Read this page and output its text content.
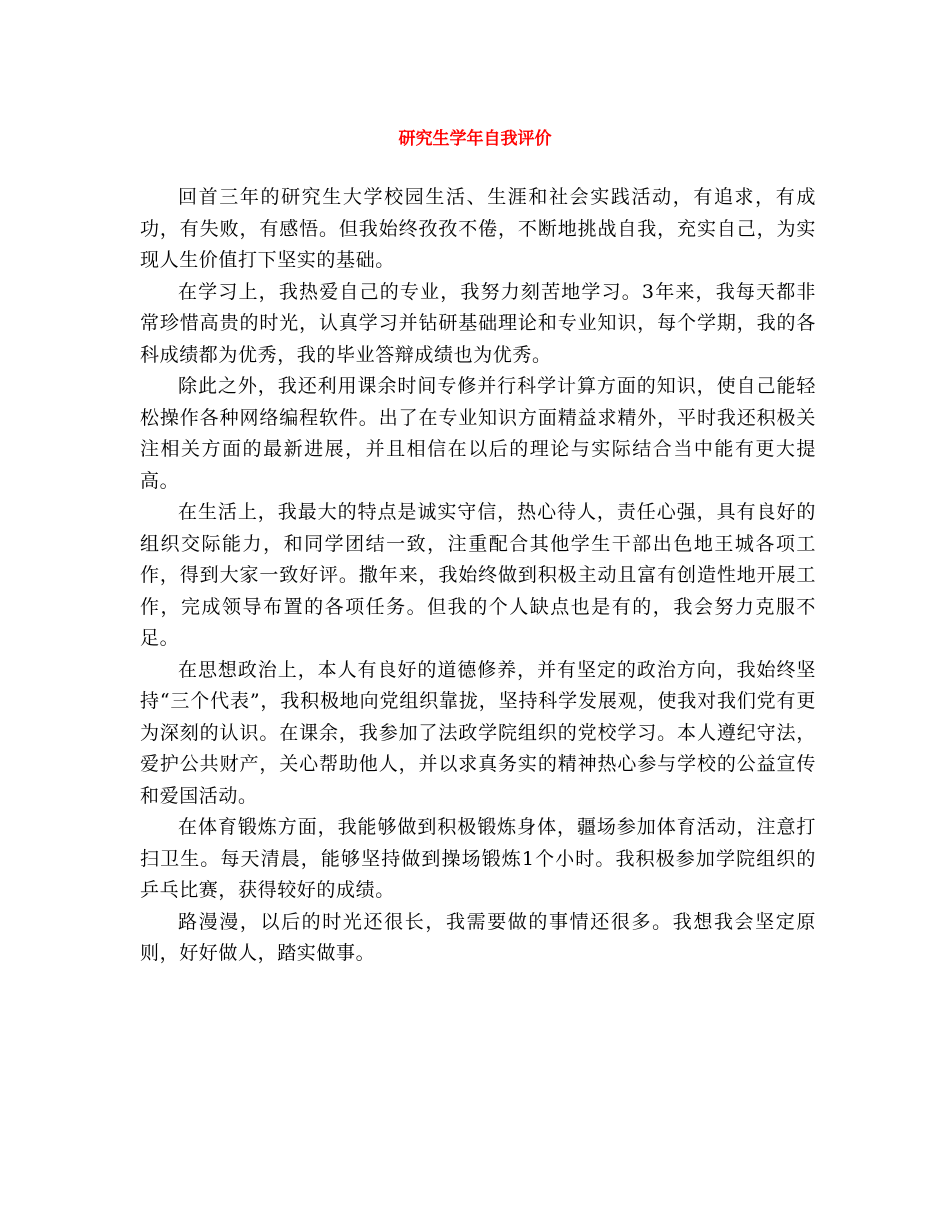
研究生学年自我评价

回首三年的研究生大学校园生活、生涯和社会实践活动，有追求，有成功，有失败，有感悟。但我始终孜孜不倦，不断地挑战自我，充实自己，为实现人生价值打下坚实的基础。

在学习上，我热爱自己的专业，我努力刻苦地学习。3年来，我每天都非常珍惜高贵的时光，认真学习并钻研基础理论和专业知识，每个学期，我的各科成绩都为优秀，我的毕业答辩成绩也为优秀。

除此之外，我还利用课余时间专修并行科学计算方面的知识，使自己能轻松操作各种网络编程软件。出了在专业知识方面精益求精外，平时我还积极关注相关方面的最新进展，并且相信在以后的理论与实际结合当中能有更大提高。

在生活上，我最大的特点是诚实守信，热心待人，责任心强，具有良好的组织交际能力，和同学团结一致，注重配合其他学生干部出色地王城各项工作，得到大家一致好评。撒年来，我始终做到积极主动且富有创造性地开展工作，完成领导布置的各项任务。但我的个人缺点也是有的，我会努力克服不足。

在思想政治上，本人有良好的道德修养，并有坚定的政治方向，我始终坚持“三个代表”，我积极地向党组织靠拢，坚持科学发展观，使我对我们党有更为深刻的认识。在课余，我参加了法政学院组织的党校学习。本人遵纪守法，爱护公共财产，关心帮助他人，并以求真务实的精神热心参与学校的公益宣传和爱国活动。

在体育锻炼方面，我能够做到积极锻炼身体，疆场参加体育活动，注意打扫卫生。每天清晨，能够坚持做到操场锻炼1个小时。我积极参加学院组织的乒乓比赛，获得较好的成绩。

路漫漫，以后的时光还很长，我需要做的事情还很多。我想我会坚定原则，好好做人，踏实做事。
